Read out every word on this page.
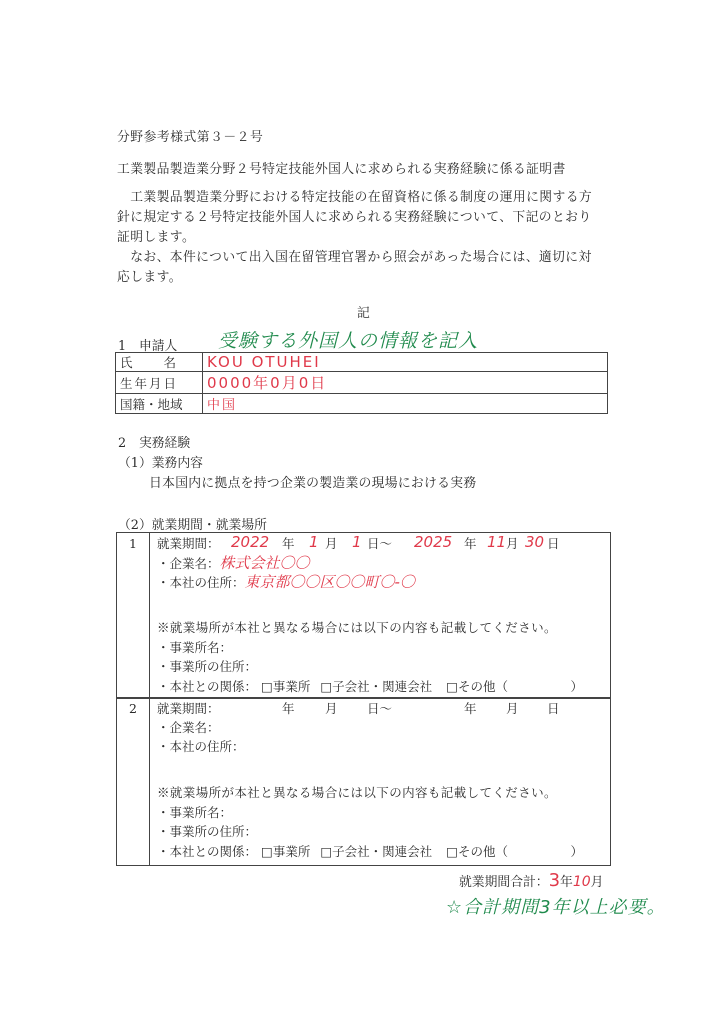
分野参考様式第３－２号
工業製品製造業分野２号特定技能外国人に求められる実務経験に係る証明書
　工業製品製造業分野における特定技能の在留資格に係る制度の運用に関する方
針に規定する２号特定技能外国人に求められる実務経験について、下記のとおり
証明します。
　なお、本件について出入国在留管理官署から照会があった場合には、適切に対
応します。
記
1　申請人 受験する外国人の情報を記入
氏　　名	KOU OTUHEI
生年月日	0000年0月0日
国籍・地域	中国
2　実務経験
（1）業務内容
日本国内に拠点を持つ企業の製造業の現場における実務
（2）就業期間・就業場所
1	就業期間： 2022 年 1 月 1 日～ 2025 年 11 月 30 日
・企業名：株式会社〇〇
・本社の住所：東京都〇〇区〇〇町〇-〇
※就業場所が本社と異なる場合には以下の内容も記載してください。
・事業所名：
・事業所の住所：
・本社との関係： □事業所 □子会社・関連会社 □その他（　　　　　）
2	就業期間：	年 月 日～	年 月 日
・企業名：
・本社の住所：
※就業場所が本社と異なる場合には以下の内容も記載してください。
・事業所名：
・事業所の住所：
・本社との関係： □事業所 □子会社・関連会社 □その他（　　　　　）
就業期間合計：3年10月
☆合計期間3年以上必要。
